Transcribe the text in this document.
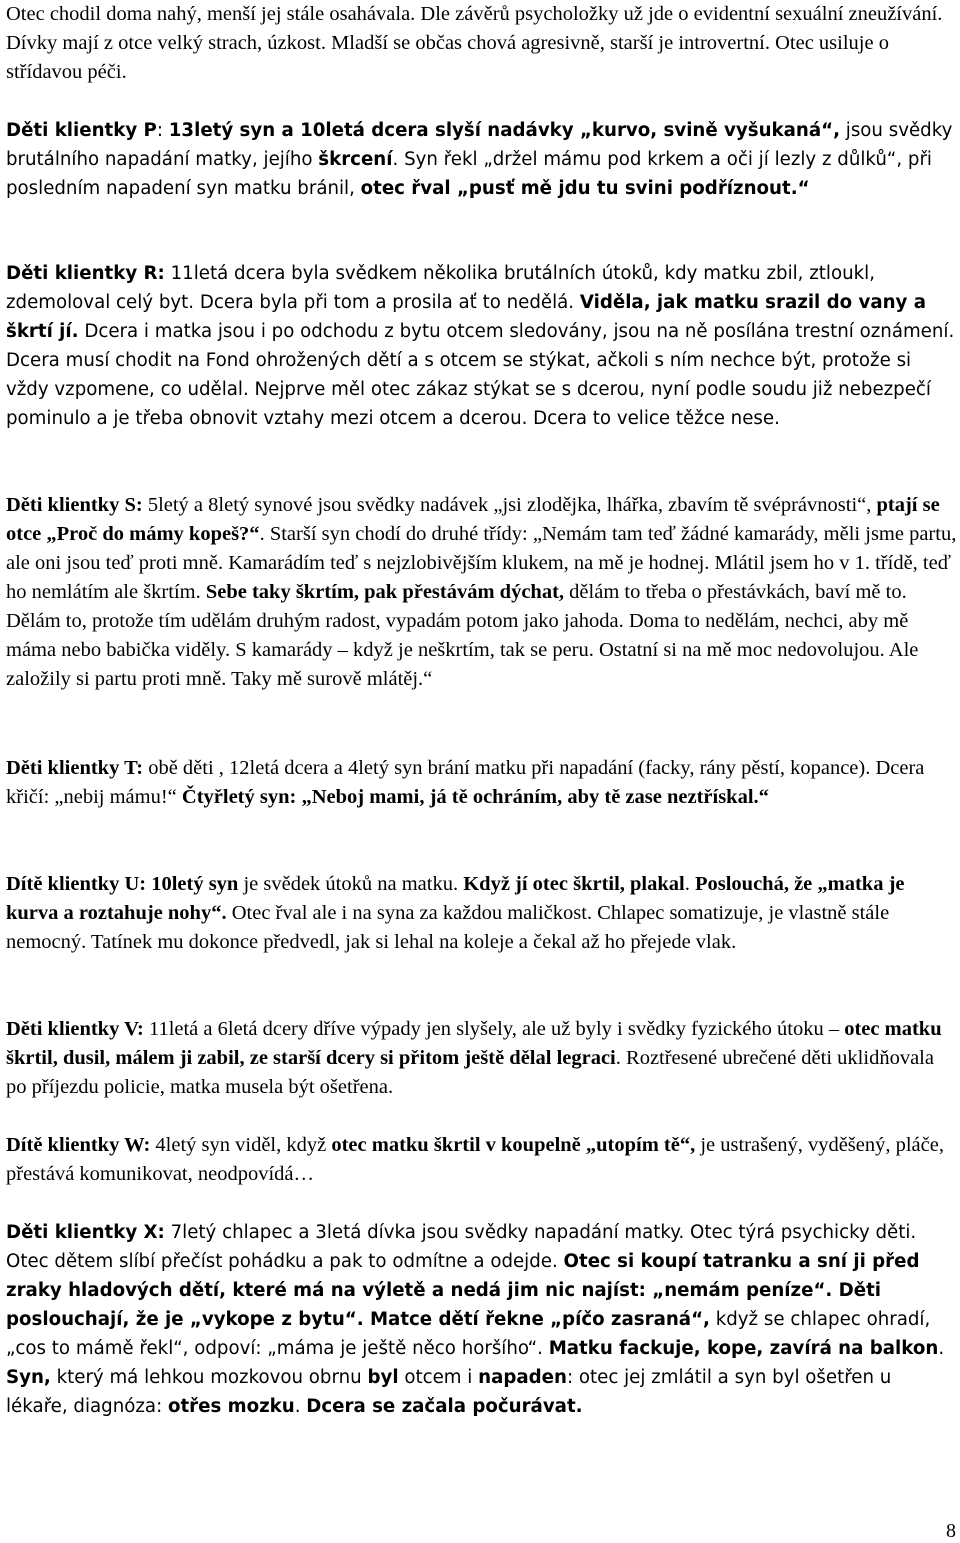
Otec chodil doma nahý, menší jej stále osahávala. Dle závěrů psycholožky už jde o evidentní sexuální zneužívání. Dívky mají z otce velký strach, úzkost. Mladší se občas chová agresivně, starší je introvertní. Otec usiluje o střídavou péči.

Děti klientky P: 13letý syn a 10letá dcera slyší nadávky „kurvo, svině vyšukaná“, jsou svědky brutálního napadání matky, jejího škrcení. Syn řekl „držel mámu pod krkem a oči jí lezly z důlků“, při posledním napadení syn matku bránil, otec řval „pusť mě jdu tu svini podříznout.“

Děti klientky R: 11letá dcera byla svědkem několika brutálních útoků, kdy matku zbil, ztloukl, zdemoloval celý byt. Dcera byla při tom a prosila ať to nedělá. Viděla, jak matku srazil do vany a škrtí jí. Dcera i matka jsou i po odchodu z bytu otcem sledovány, jsou na ně posílána trestní oznámení. Dcera musí chodit na Fond ohrožených dětí a s otcem se stýkat, ačkoli s ním nechce být, protože si vždy vzpomene, co udělal. Nejprve měl otec zákaz stýkat se s dcerou, nyní podle soudu již nebezpečí pominulo a je třeba obnovit vztahy mezi otcem a dcerou. Dcera to velice těžce nese.

Děti klientky S: 5letý a 8letý synové jsou svědky nadávek „jsi zlodějka, lhářka, zbavím tě svéprávnosti“, ptají se otce „Proč do mámy kopeš?“. Starší syn chodí do druhé třídy: „Nemám tam teď žádné kamarády, měli jsme partu, ale oni jsou teď proti mně. Kamarádím teď s nejzlobivějším klukem, na mě je hodnej. Mlátil jsem ho v 1. třídě, teď ho nemlátím ale škrtím. Sebe taky škrtím, pak přestávám dýchat, dělám to třeba o přestávkách, baví mě to. Dělám to, protože tím udělám druhým radost, vypadám potom jako jahoda. Doma to nedělám, nechci, aby mě máma nebo babička viděly. S kamarády – když je neškrtím, tak se peru. Ostatní si na mě moc nedovolujou. Ale založily si partu proti mně. Taky mě surově mlátěj.“

Děti klientky T: obě děti , 12letá dcera a 4letý syn brání matku při napadání (facky, rány pěstí, kopance). Dcera křičí: „nebij mámu!“ Čtyřletý syn: „Neboj mami, já tě ochráním, aby tě zase neztřískal.“

Dítě klientky U: 10letý syn je svědek útoků na matku. Když jí otec škrtil, plakal. Poslouchá, že „matka je kurva a roztahuje nohy“. Otec řval ale i na syna za každou maličkost. Chlapec somatizuje, je vlastně stále nemocný. Tatínek mu dokonce předvedl, jak si lehal na koleje a čekal až ho přejede vlak.

Děti klientky V: 11letá a 6letá dcery dříve výpady jen slyšely, ale už byly i svědky fyzického útoku – otec matku škrtil, dusil, málem ji zabil, ze starší dcery si přitom ještě dělal legraci. Roztřesené ubrečené děti uklidňovala po příjezdu policie, matka musela být ošetřena.

Dítě klientky W: 4letý syn viděl, když otec matku škrtil v koupelně „utopím tě“, je ustrašený, vyděšený, pláče, přestává komunikovat, neodpovídá…

Děti klientky X: 7letý chlapec a 3letá dívka jsou svědky napadání matky. Otec týrá psychicky děti. Otec dětem slíbí přečíst pohádku a pak to odmítne a odejde. Otec si koupí tatranku a sní ji před zraky hladových dětí, které má na výletě a nedá jim nic najíst: „nemám peníze“. Děti poslouchají, že je „vykope z bytu“. Matce dětí řekne „píčo zasraná“, když se chlapec ohradí, „cos to mámě řekl“, odpoví: „máma je ještě něco horšího“. Matku fackuje, kope, zavírá na balkon. Syn, který má lehkou mozkovou obrnu byl otcem i napaden: otec jej zmlátil a syn byl ošetřen u lékaře, diagnóza: otřes mozku. Dcera se začala počurávat.

8
